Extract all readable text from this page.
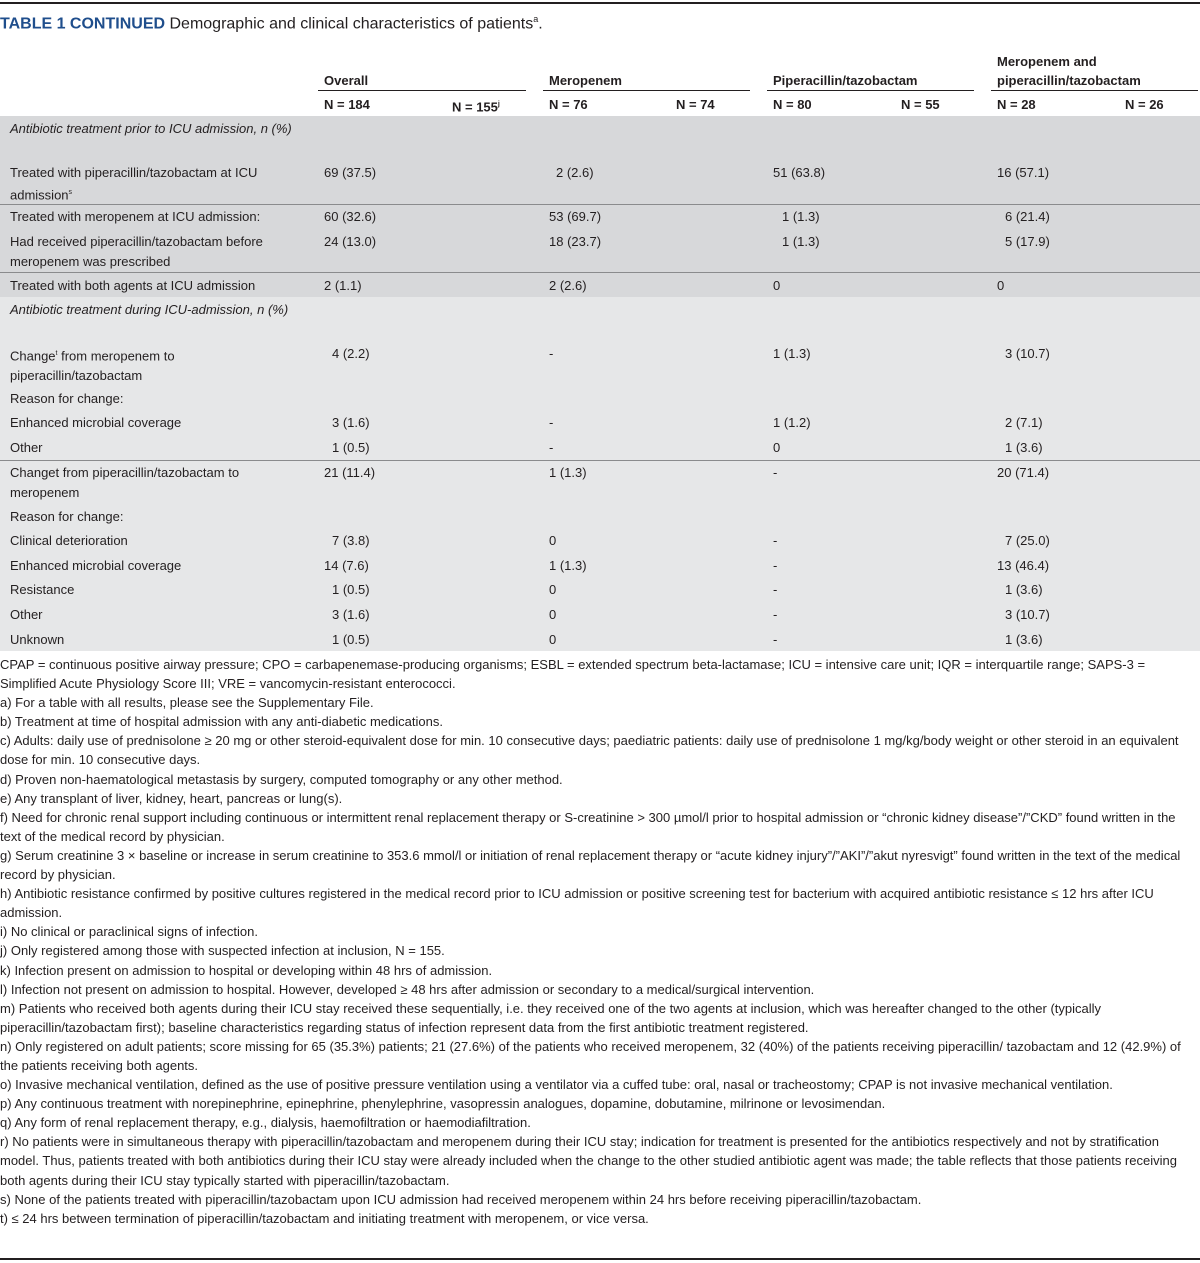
TABLE 1 CONTINUED Demographic and clinical characteristics of patients$^a$.
Overall	Meropenem	Piperacillin/tazobactam
Meropenem and
piperacillin/tazobactam
N = 184	$N = 155^j$	N = 76	N = 74	N = 80	N = 55	N = 28	N = 26
Antibiotic treatment prior to ICU admission, n (%)
Treated with piperacillin/tazobactam at ICU admission$^s$
69 (37.5)	2 (2.6)	51 (63.8)	16 (57.1)
Treated with meropenem at ICU admission:	60 (32.6)	53 (69.7)	1 (1.3)	6 (21.4)
Had received piperacillin/tazobactam before meropenem was prescribed
24 (13.0)	18 (23.7)	1 (1.3)	5 (17.9)
Treated with both agents at ICU admission	2 (1.1)	2 (2.6)	0	0
Antibiotic treatment during ICU-admission, n (%)
Change$^t$ from meropenem to piperacillin/tazobactam
4 (2.2)	-	1 (1.3)	3 (10.7)
Reason for change:
Enhanced microbial coverage	3 (1.6)	-	1 (1.2)	2 (7.1)
Other	1 (0.5)	-	0	1 (3.6)
Changet from piperacillin/tazobactam to meropenem
21 (11.4)	1 (1.3)	-	20 (71.4)
Reason for change:
Clinical deterioration	7 (3.8)	0	-	7 (25.0)
Enhanced microbial coverage	14 (7.6)	1 (1.3)	-	13 (46.4)
Resistance	1 (0.5)	0	-	1 (3.6)
Other	3 (1.6)	0	-	3 (10.7)
Unknown	1 (0.5)	0	-	1 (3.6)
CPAP = continuous positive airway pressure; CPO = carbapenemase-producing organisms; ESBL = extended spectrum beta-lactamase; ICU = intensive care unit; IQR = interquartile range; SAPS-3 = Simplified Acute Physiology Score III; VRE = vancomycin-resistant enterococci.
a) For a table with all results, please see the Supplementary File.
b) Treatment at time of hospital admission with any anti-diabetic medications.
c) Adults: daily use of prednisolone ≥ 20 mg or other steroid-equivalent dose for min. 10 consecutive days; paediatric patients: daily use of prednisolone 1 mg/kg/body weight or other steroid in an equivalent dose for min. 10 consecutive days.
d) Proven non-haematological metastasis by surgery, computed tomography or any other method.
e) Any transplant of liver, kidney, heart, pancreas or lung(s).
f) Need for chronic renal support including continuous or intermittent renal replacement therapy or S-creatinine > 300 µmol/l prior to hospital admission or “chronic kidney disease”/”CKD” found written in the text of the medical record by physician.
g) Serum creatinine 3 × baseline or increase in serum creatinine to 353.6 mmol/l or initiation of renal replacement therapy or “acute kidney injury”/”AKI”/”akut nyresvigt” found written in the text of the medical record by physician.
h) Antibiotic resistance confirmed by positive cultures registered in the medical record prior to ICU admission or positive screening test for bacterium with acquired antibiotic resistance ≤ 12 hrs after ICU admission.
i) No clinical or paraclinical signs of infection.
j) Only registered among those with suspected infection at inclusion, N = 155.
k) Infection present on admission to hospital or developing within 48 hrs of admission.
l) Infection not present on admission to hospital. However, developed ≥ 48 hrs after admission or secondary to a medical/surgical intervention.
m) Patients who received both agents during their ICU stay received these sequentially, i.e. they received one of the two agents at inclusion, which was hereafter changed to the other (typically piperacillin/tazobactam first); baseline characteristics regarding status of infection represent data from the first antibiotic treatment registered.
n) Only registered on adult patients; score missing for 65 (35.3%) patients; 21 (27.6%) of the patients who received meropenem, 32 (40%) of the patients receiving piperacillin/ tazobactam and 12 (42.9%) of the patients receiving both agents.
o) Invasive mechanical ventilation, defined as the use of positive pressure ventilation using a ventilator via a cuffed tube: oral, nasal or tracheostomy; CPAP is not invasive mechanical ventilation.
p) Any continuous treatment with norepinephrine, epinephrine, phenylephrine, vasopressin analogues, dopamine, dobutamine, milrinone or levosimendan.
q) Any form of renal replacement therapy, e.g., dialysis, haemofiltration or haemodiafiltration.
r) No patients were in simultaneous therapy with piperacillin/tazobactam and meropenem during their ICU stay; indication for treatment is presented for the antibiotics respectively and not by stratification model. Thus, patients treated with both antibiotics during their ICU stay were already included when the change to the other studied antibiotic agent was made; the table reflects that those patients receiving both agents during their ICU stay typically started with piperacillin/tazobactam.
s) None of the patients treated with piperacillin/tazobactam upon ICU admission had received meropenem within 24 hrs before receiving piperacillin/tazobactam.
t) ≤ 24 hrs between termination of piperacillin/tazobactam and initiating treatment with meropenem, or vice versa.
